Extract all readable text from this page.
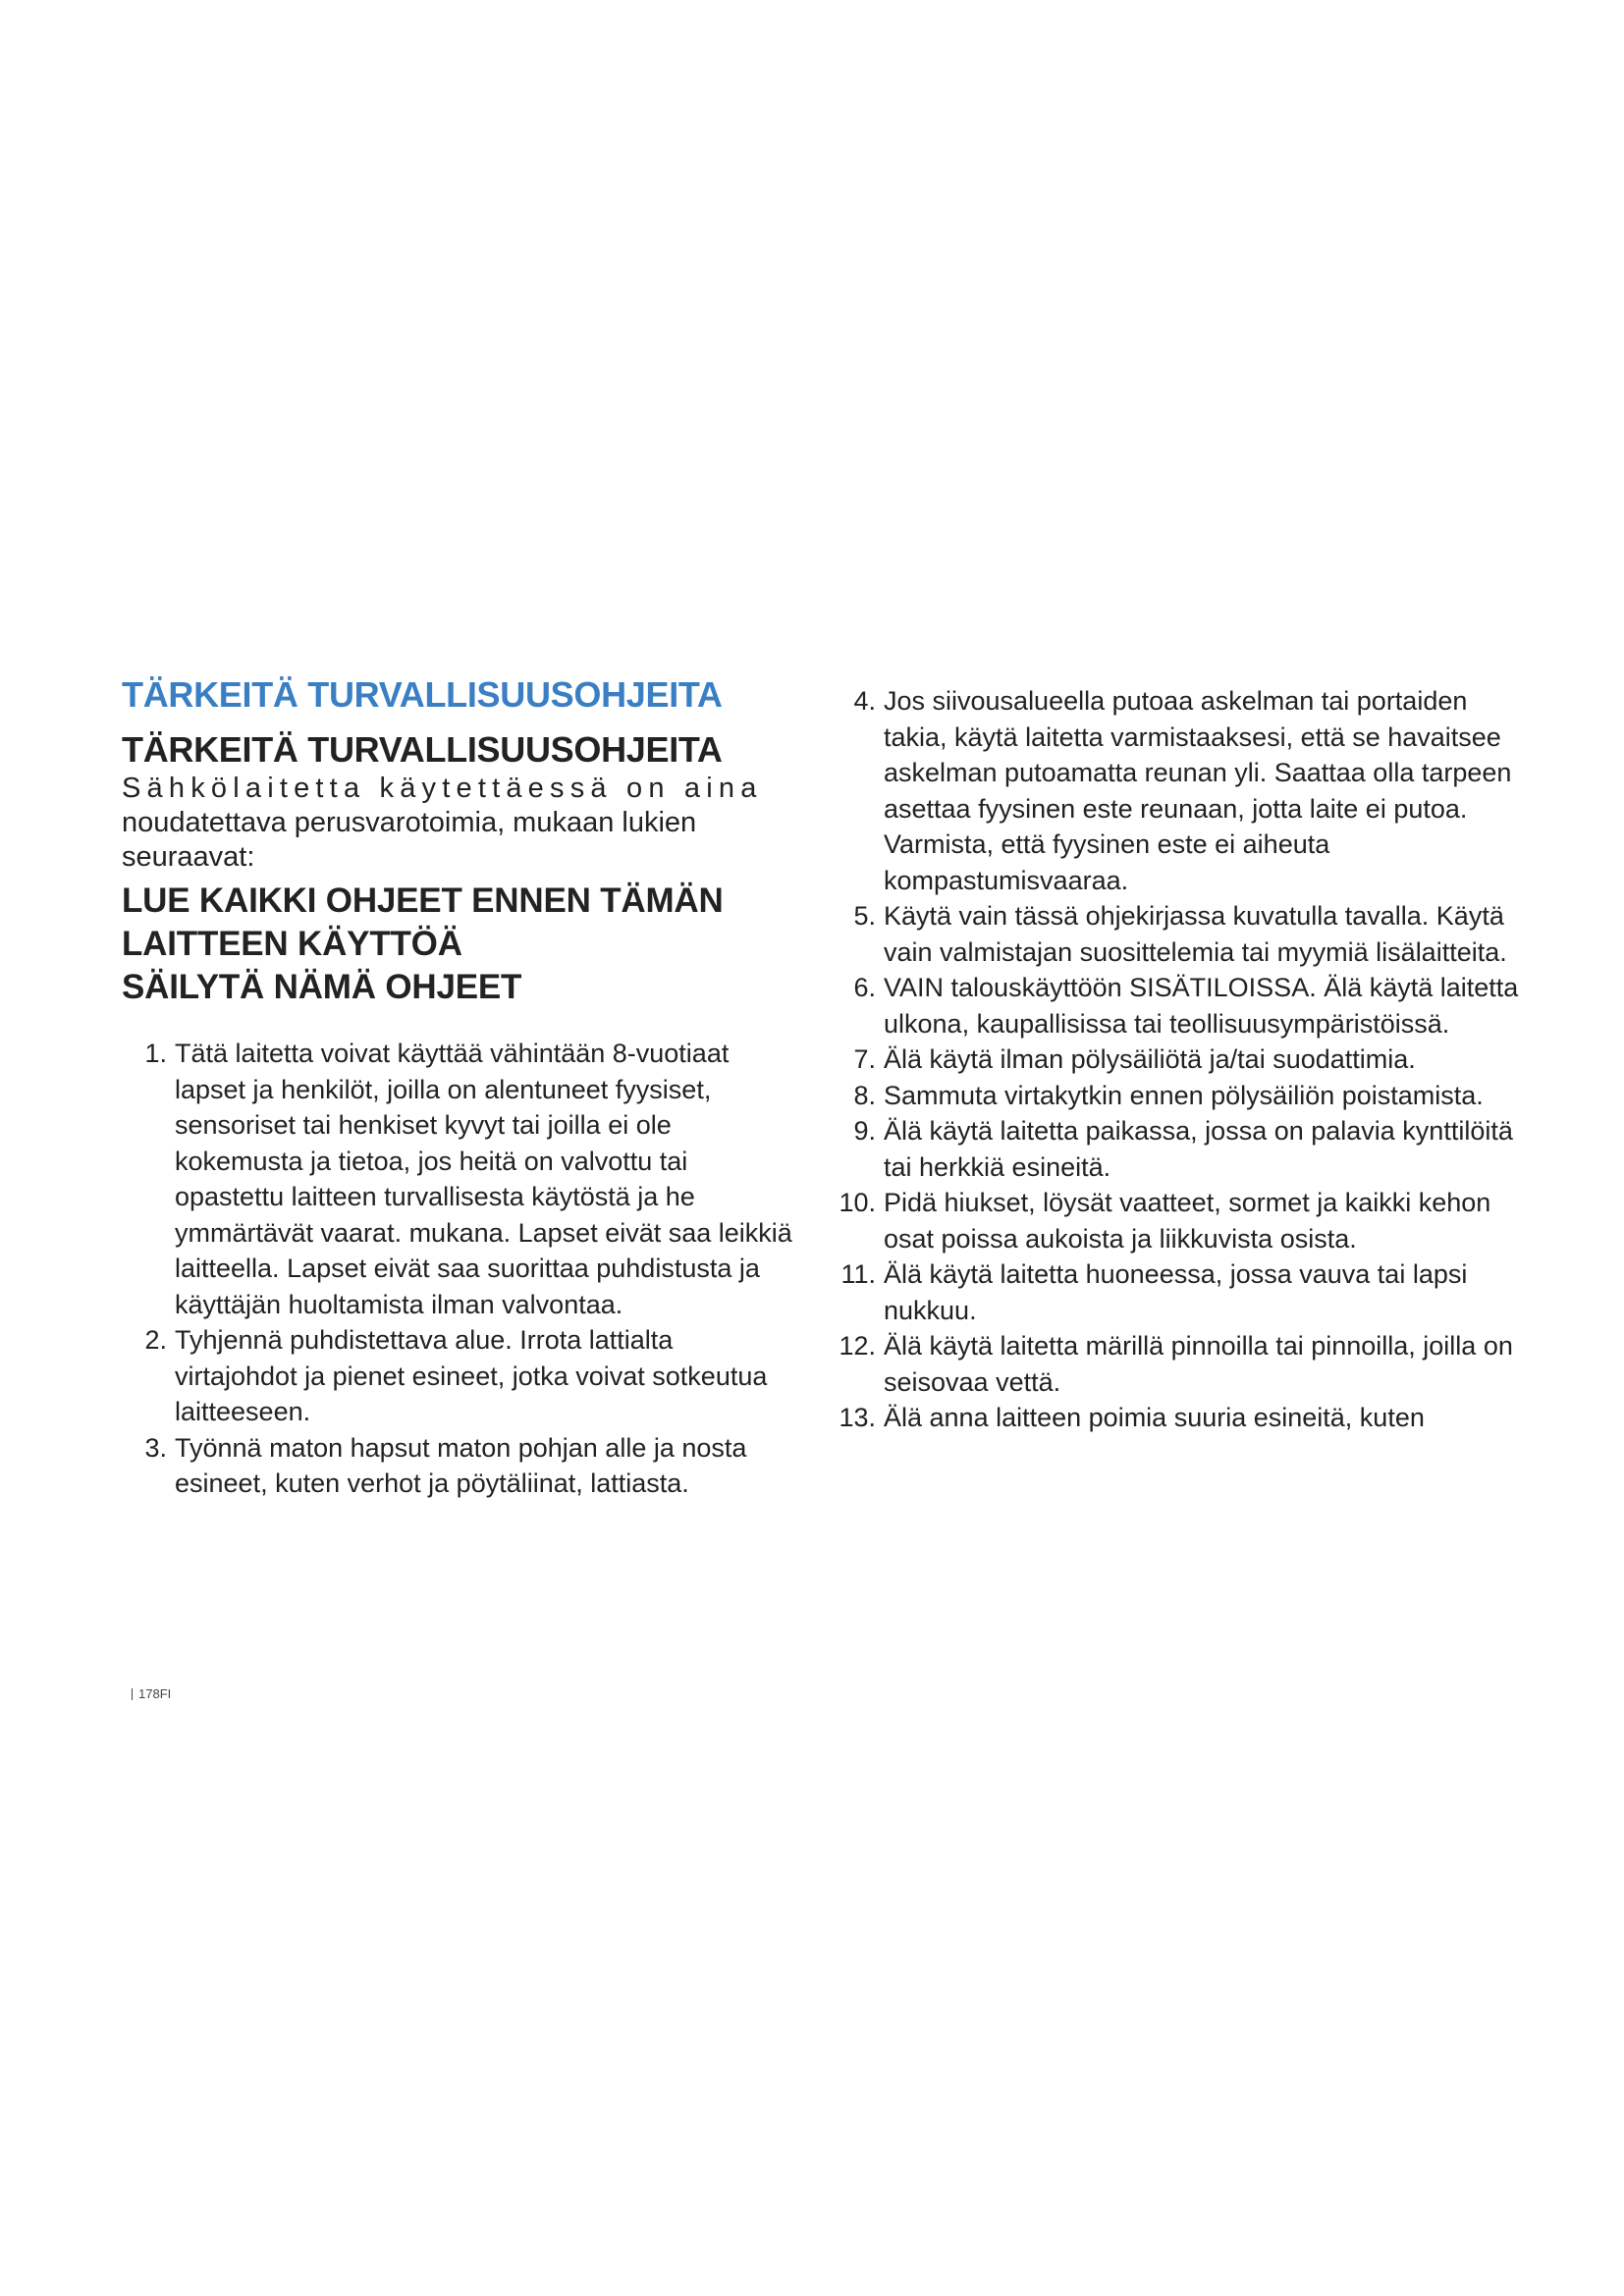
TÄRKEITÄ TURVALLISUUSOHJEITA
TÄRKEITÄ TURVALLISUUSOHJEITA
Sähkölaitetta käytettäessä on aina
noudatettava perusvarotoimia, mukaan lukien seuraavat:
LUE KAIKKI OHJEET ENNEN TÄMÄN
LAITTEEN KÄYTTÖÄ
SÄILYTÄ NÄMÄ OHJEET
1. Tätä laitetta voivat käyttää vähintään 8-vuotiaat lapset ja henkilöt, joilla on alentuneet fyysiset, sensoriset tai henkiset kyvyt tai joilla ei ole kokemusta ja tietoa, jos heitä on valvottu tai opastettu laitteen turvallisesta käytöstä ja he ymmärtävät vaarat. mukana. Lapset eivät saa leikkiä laitteella. Lapset eivät saa suorittaa puhdistusta ja käyttäjän huoltamista ilman valvontaa.
2. Tyhjennä puhdistettava alue. Irrota lattialta virtajohdot ja pienet esineet, jotka voivat sotkeutua laitteeseen.
3. Työnnä maton hapsut maton pohjan alle ja nosta esineet, kuten verhot ja pöytäliinat, lattiasta.
4. Jos siivousalueella putoaa askelman tai portaiden takia, käytä laitetta varmistaaksesi, että se havaitsee askelman putoamatta reunan yli. Saattaa olla tarpeen asettaa fyysinen este reunaan, jotta laite ei putoa. Varmista, että fyysinen este ei aiheuta kompastumisvaaraa.
5. Käytä vain tässä ohjekirjassa kuvatulla tavalla. Käytä vain valmistajan suosittelemia tai myymiä lisälaitteita.
6. VAIN talouskäyttöön SISÄTILOISSA. Älä käytä laitetta ulkona, kaupallisissa tai teollisuusympäristöissä.
7. Älä käytä ilman pölysäiliötä ja/tai suodattimia.
8. Sammuta virtakytkin ennen pölysäiliön poistamista.
9. Älä käytä laitetta paikassa, jossa on palavia kynttilöitä tai herkkiä esineitä.
10. Pidä hiukset, löysät vaatteet, sormet ja kaikki kehon osat poissa aukoista ja liikkuvista osista.
11. Älä käytä laitetta huoneessa, jossa vauva tai lapsi nukkuu.
12. Älä käytä laitetta märillä pinnoilla tai pinnoilla, joilla on seisovaa vettä.
13. Älä anna laitteen poimia suuria esineitä, kuten
178FI
